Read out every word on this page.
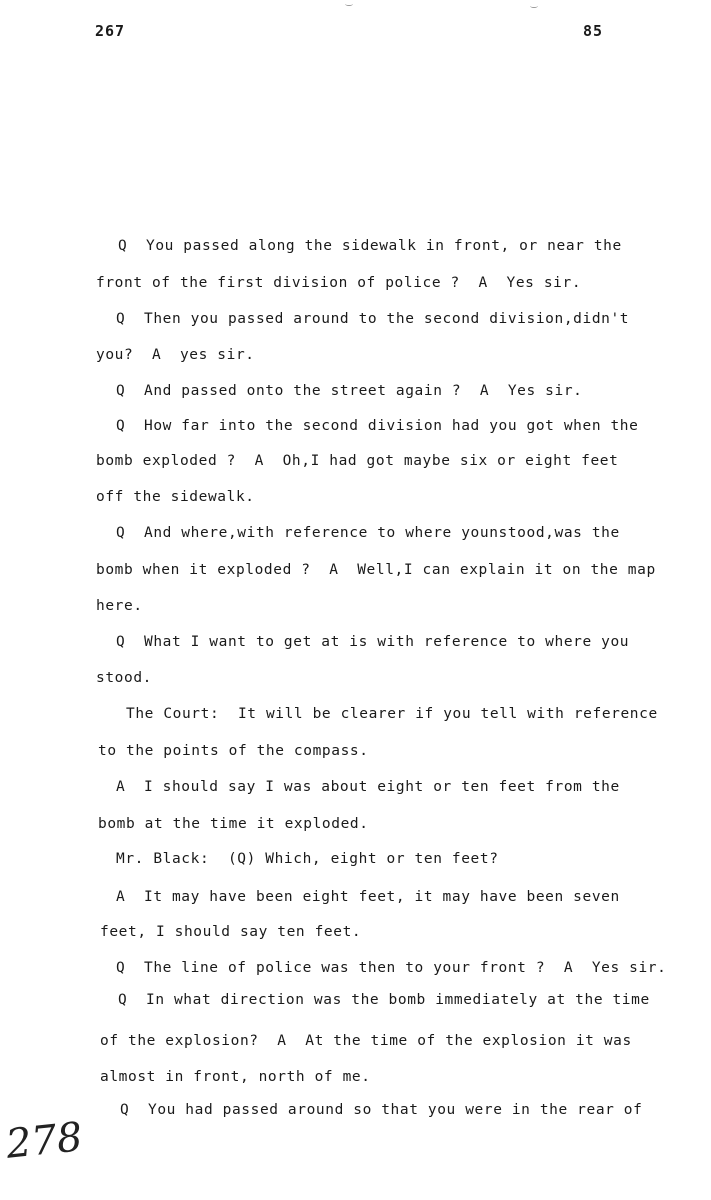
267	85
Q  You passed along the sidewalk in front, or near the
front of the first division of police ?  A  Yes sir.
Q  Then you passed around to the second division,didn't
you?  A  yes sir.
Q  And passed onto the street again ?  A  Yes sir.
Q  How far into the second division had you got when the
bomb exploded ?  A  Oh,I had got maybe six or eight feet
off the sidewalk.
Q  And where,with reference to where younstood,was the
bomb when it exploded ?  A  Well,I can explain it on the map
here.
Q  What I want to get at is with reference to where you
stood.
The Court:  It will be clearer if you tell with reference
to the points of the compass.
A  I should say I was about eight or ten feet from the
bomb at the time it exploded.
Mr. Black:  (Q) Which, eight or ten feet?
A  It may have been eight feet, it may have been seven
feet, I should say ten feet.
Q  The line of police was then to your front ?  A  Yes sir.
Q  In what direction was the bomb immediately at the time
of the explosion?  A  At the time of the explosion it was
almost in front, north of me.
Q  You had passed around so that you were in the rear of
278
